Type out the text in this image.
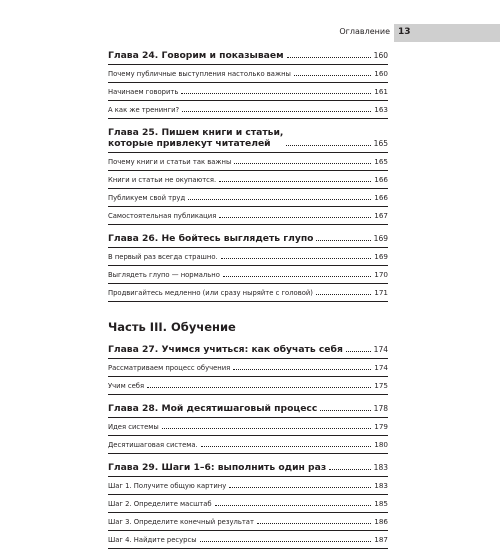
Оглавление 13
Глава 24. Говорим и показываем	160
Почему публичные выступления настолько важны	160
Начинаем говорить	161
А как же тренинги?	163
Глава 25. Пишем книги и статьи,
которые привлекут читателей	165
Почему книги и статьи так важны	165
Книги и статьи не окупаются.	166
Публикуем свой труд	166
Самостоятельная публикация	167
Глава 26. Не бойтесь выглядеть глупо	169
В первый раз всегда страшно.	169
Выглядеть глупо — нормально	170
Продвигайтесь медленно (или сразу ныряйте с головой)	171
Часть III. Обучение
Глава 27. Учимся учиться: как обучать себя	174
Рассматриваем процесс обучения	174
Учим себя	175
Глава 28. Мой десятишаговый процесс	178
Идея системы	179
Десятишаговая система.	180
Глава 29. Шаги 1–6: выполнить один раз	183
Шаг 1. Получите общую картину	183
Шаг 2. Определите масштаб	185
Шаг 3. Определите конечный результат	186
Шаг 4. Найдите ресурсы	187
